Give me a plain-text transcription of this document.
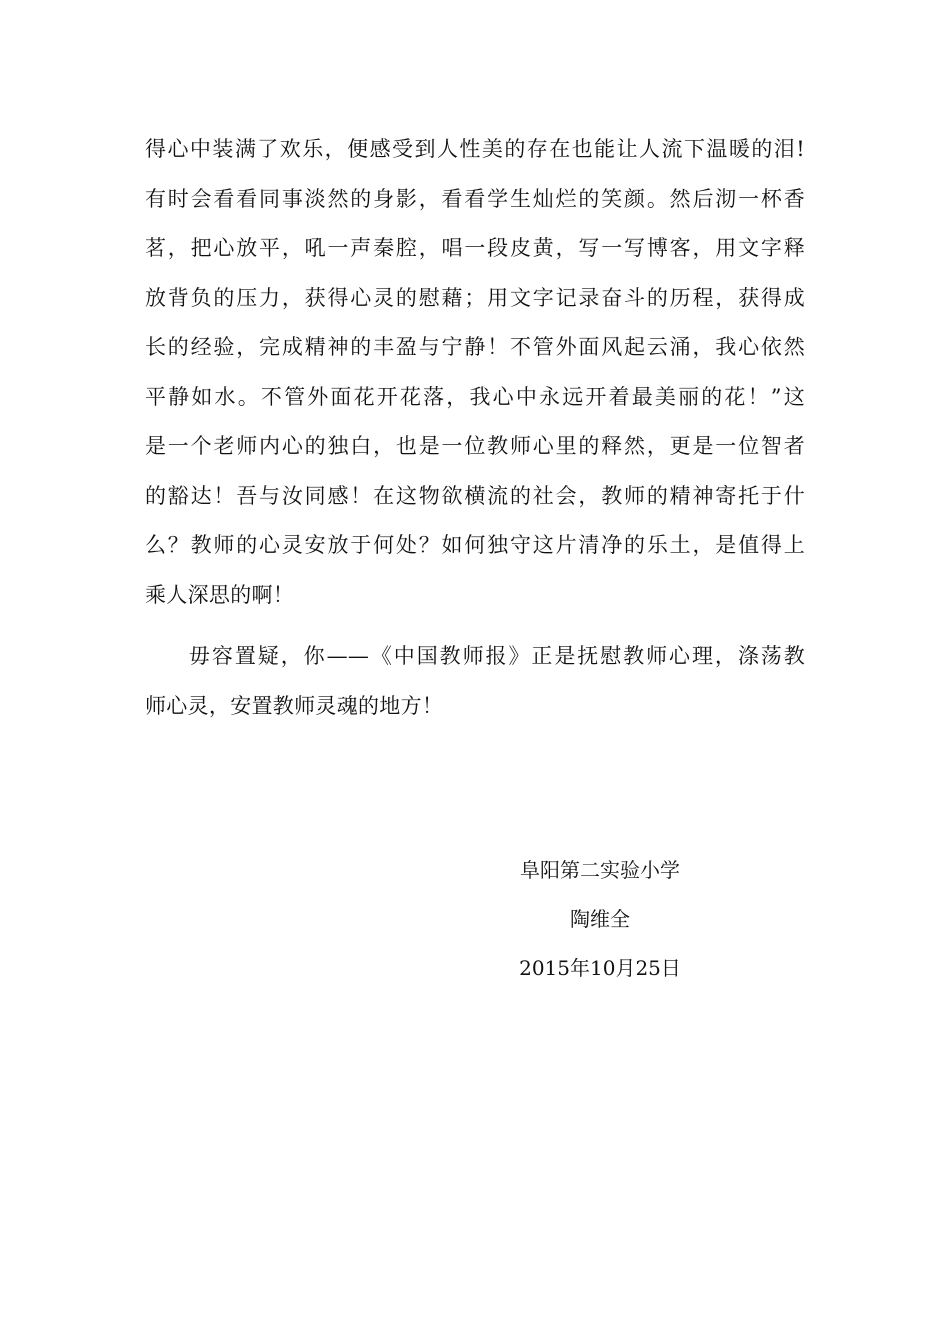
得心中装满了欢乐，便感受到人性美的存在也能让人流下温暖的泪!
有时会看看同事淡然的身影，看看学生灿烂的笑颜。然后沏一杯香
茗，把心放平，吼一声秦腔，唱一段皮黄，写一写博客，用文字释
放背负的压力，获得心灵的慰藉；用文字记录奋斗的历程，获得成
长的经验，完成精神的丰盈与宁静！不管外面风起云涌，我心依然
平静如水。不管外面花开花落，我心中永远开着最美丽的花！”这
是一个老师内心的独白，也是一位教师心里的释然，更是一位智者
的豁达！吾与汝同感！在这物欲横流的社会，教师的精神寄托于什
么？教师的心灵安放于何处？如何独守这片清净的乐土，是值得上
乘人深思的啊！
毋容置疑，你——《中国教师报》正是抚慰教师心理，涤荡教
师心灵，安置教师灵魂的地方！
阜阳第二实验小学
陶维全
2015年10月25日
